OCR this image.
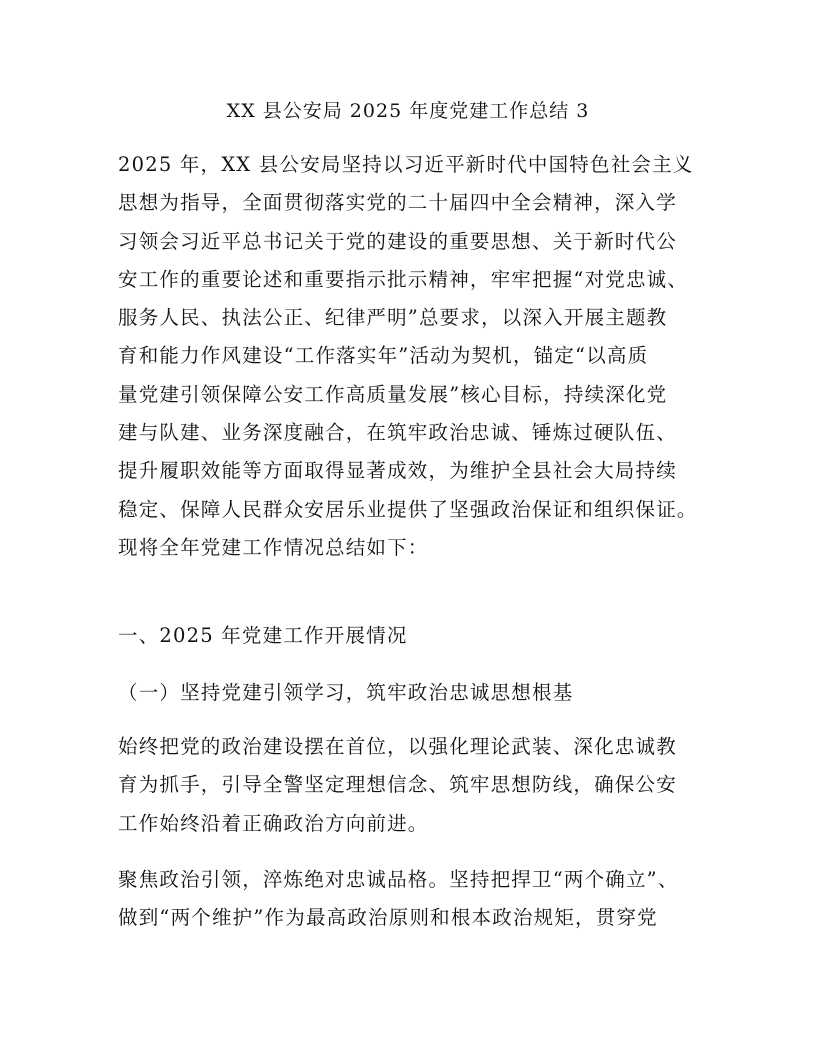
XX 县公安局 2025 年度党建工作总结 3
2025 年，XX 县公安局坚持以习近平新时代中国特色社会主义
思想为指导，全面贯彻落实党的二十届四中全会精神，深入学
习领会习近平总书记关于党的建设的重要思想、关于新时代公
安工作的重要论述和重要指示批示精神，牢牢把握“对党忠诚、
服务人民、执法公正、纪律严明”总要求，以深入开展主题教
育和能力作风建设“工作落实年”活动为契机，锚定“以高质
量党建引领保障公安工作高质量发展”核心目标，持续深化党
建与队建、业务深度融合，在筑牢政治忠诚、锤炼过硬队伍、
提升履职效能等方面取得显著成效，为维护全县社会大局持续
稳定、保障人民群众安居乐业提供了坚强政治保证和组织保证。
现将全年党建工作情况总结如下：
一、2025 年党建工作开展情况
（一）坚持党建引领学习，筑牢政治忠诚思想根基
始终把党的政治建设摆在首位，以强化理论武装、深化忠诚教
育为抓手，引导全警坚定理想信念、筑牢思想防线，确保公安
工作始终沿着正确政治方向前进。
聚焦政治引领，淬炼绝对忠诚品格。坚持把捍卫“两个确立”、
做到“两个维护”作为最高政治原则和根本政治规矩，贯穿党
